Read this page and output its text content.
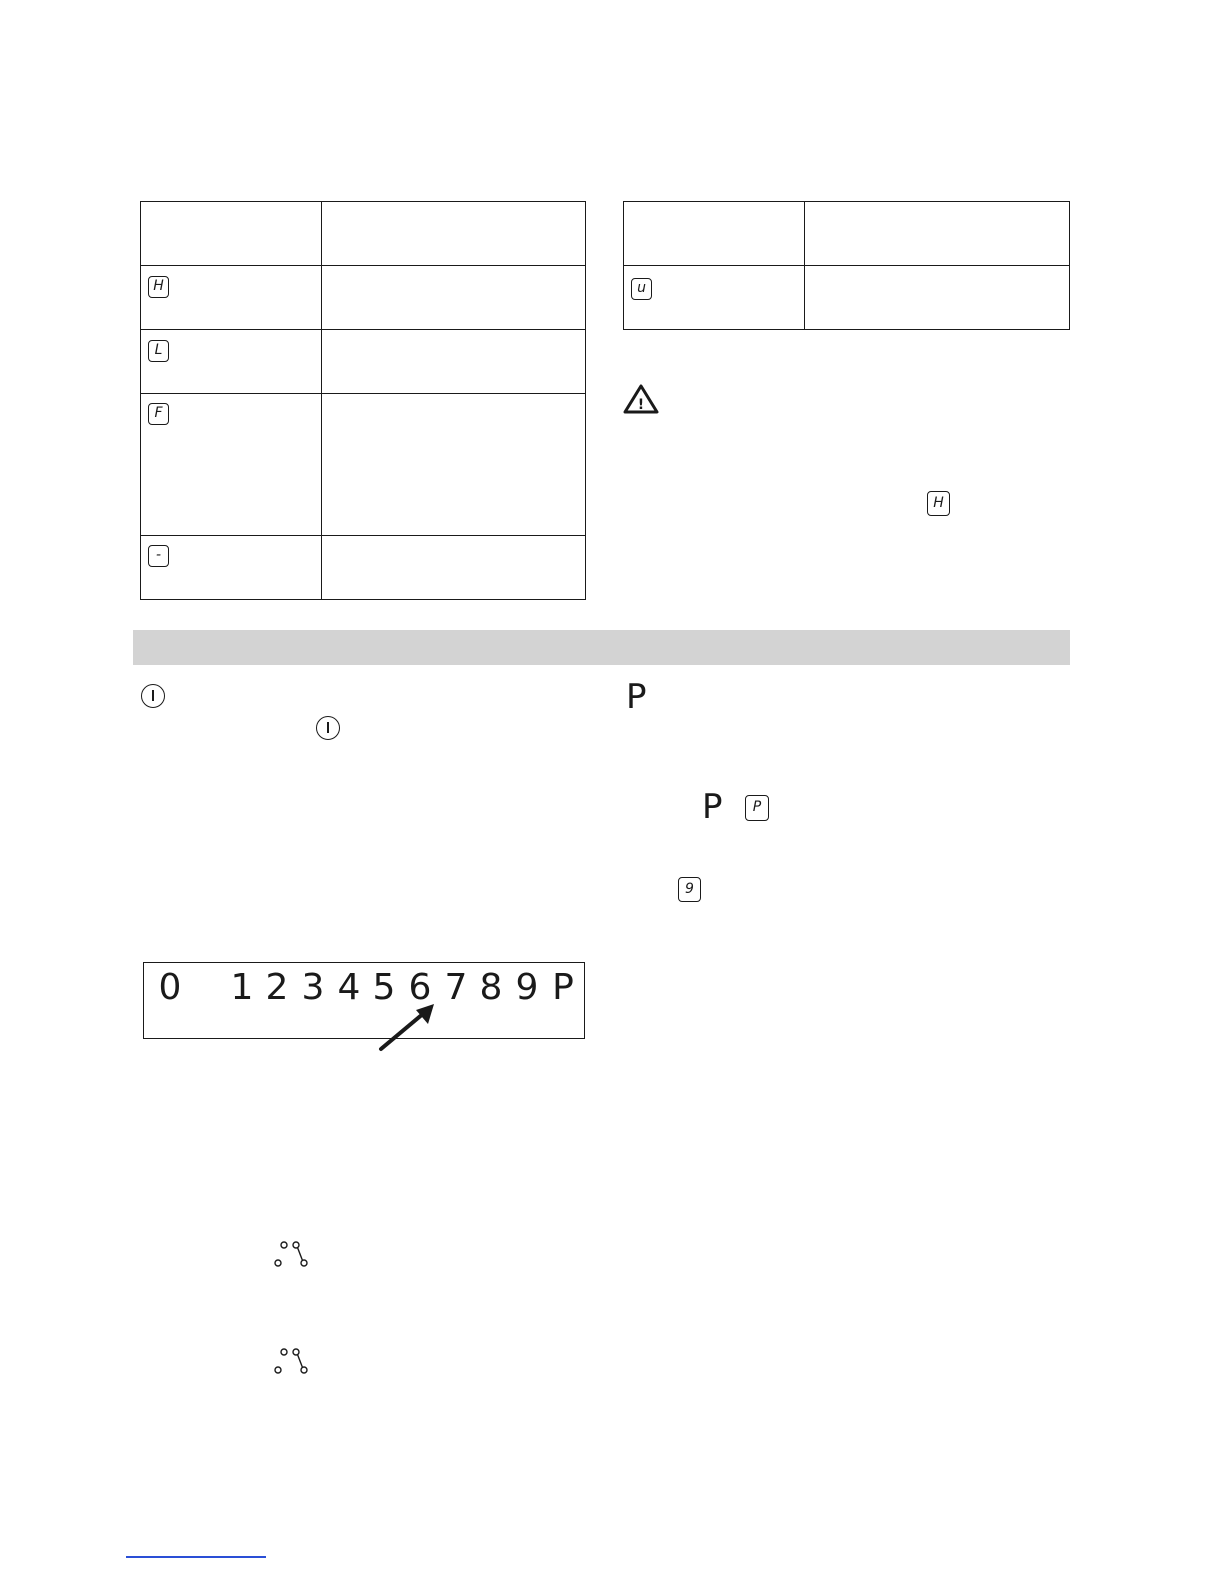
H	

L	

F	

-	

u	

!
H
P
P	P
9
0 1 2 3 4 5 6 7 8 9 P
